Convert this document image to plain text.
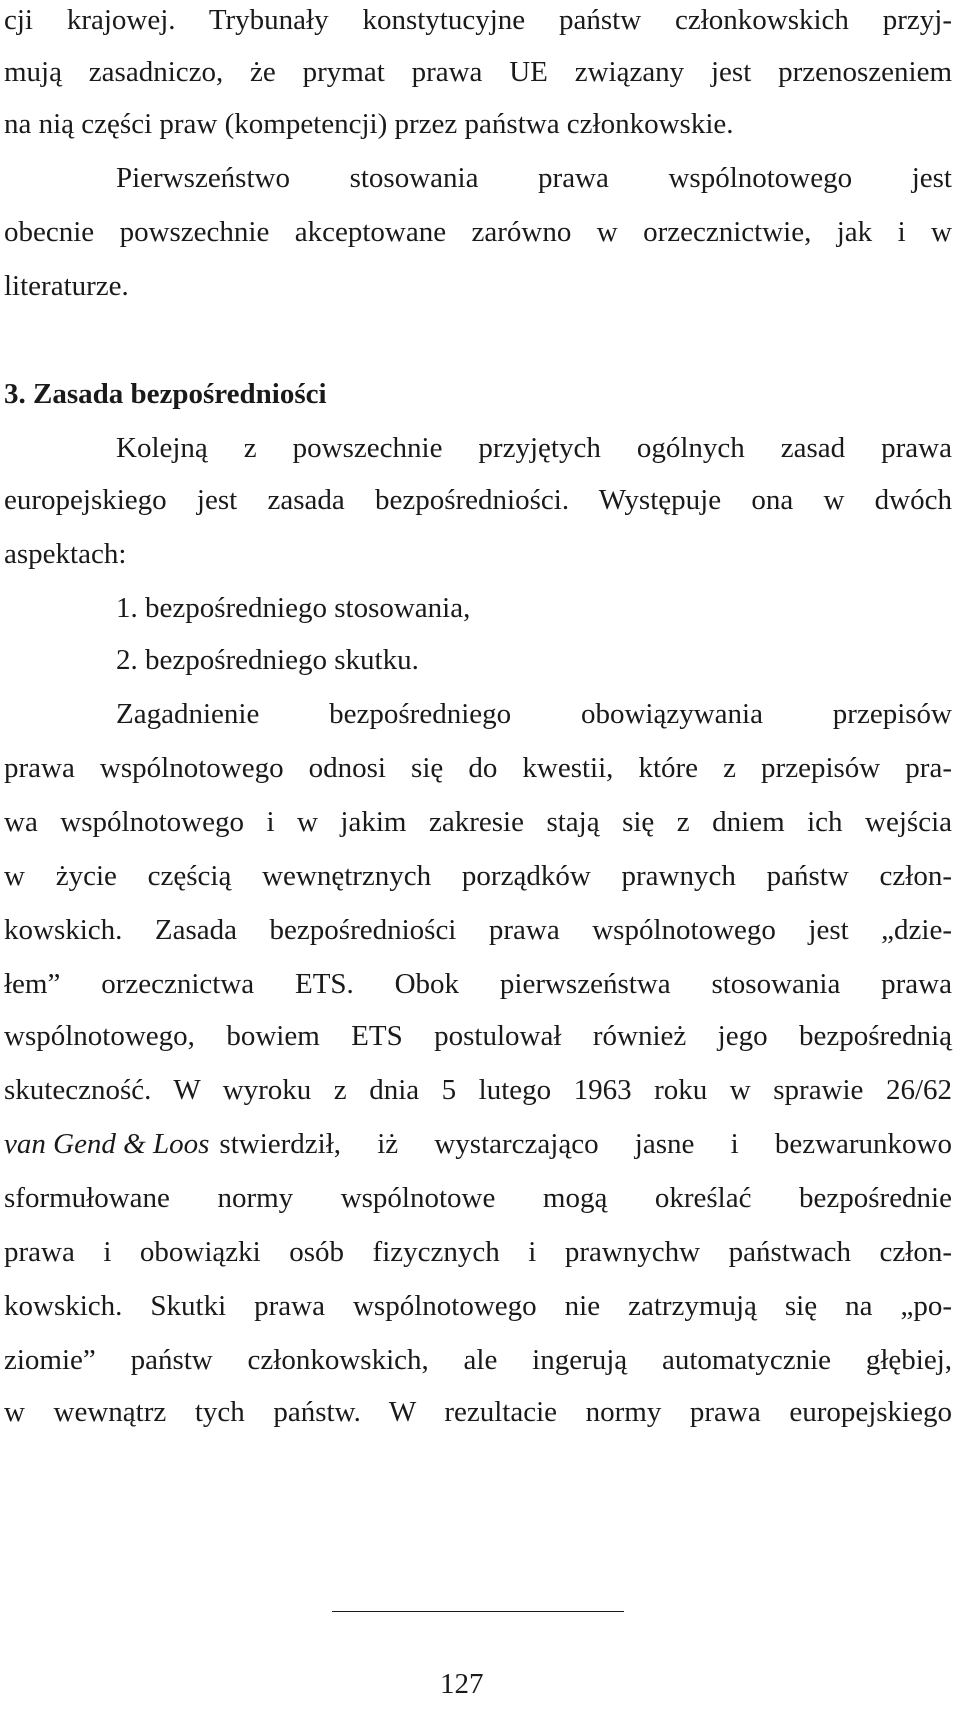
cji krajowej. Trybunały konstytucyjne państw członkowskich przyj-
mują zasadniczo, że prymat prawa UE związany jest przenoszeniem
na nią części praw (kompetencji) przez państwa członkowskie.
Pierwszeństwo stosowania prawa wspólnotowego jest
obecnie powszechnie akceptowane zarówno w orzecznictwie, jak i w
literaturze.
3. Zasada bezpośredniości
Kolejną z powszechnie przyjętych ogólnych zasad prawa
europejskiego jest zasada bezpośredniości. Występuje ona w dwóch
aspektach:
1. bezpośredniego stosowania,
2. bezpośredniego skutku.
Zagadnienie bezpośredniego obowiązywania przepisów
prawa wspólnotowego odnosi się do kwestii, które z przepisów pra-
wa wspólnotowego i w jakim zakresie stają się z dniem ich wejścia
w życie częścią wewnętrznych porządków prawnych państw człon-
kowskich. Zasada bezpośredniości prawa wspólnotowego jest „dzie-
łem” orzecznictwa ETS. Obok pierwszeństwa stosowania prawa
wspólnotowego, bowiem ETS postulował również jego bezpośrednią
skuteczność. W wyroku z dnia 5 lutego 1963 roku w sprawie 26/62
van Gend & Loos stwierdził, iż wystarczająco jasne i bezwarunkowo
sformułowane normy wspólnotowe mogą określać bezpośrednie
prawa i obowiązki osób fizycznych i prawnychw państwach człon-
kowskich. Skutki prawa wspólnotowego nie zatrzymują się na „po-
ziomie” państw członkowskich, ale ingerują automatycznie głębiej,
w wewnątrz tych państw. W rezultacie normy prawa europejskiego
127
